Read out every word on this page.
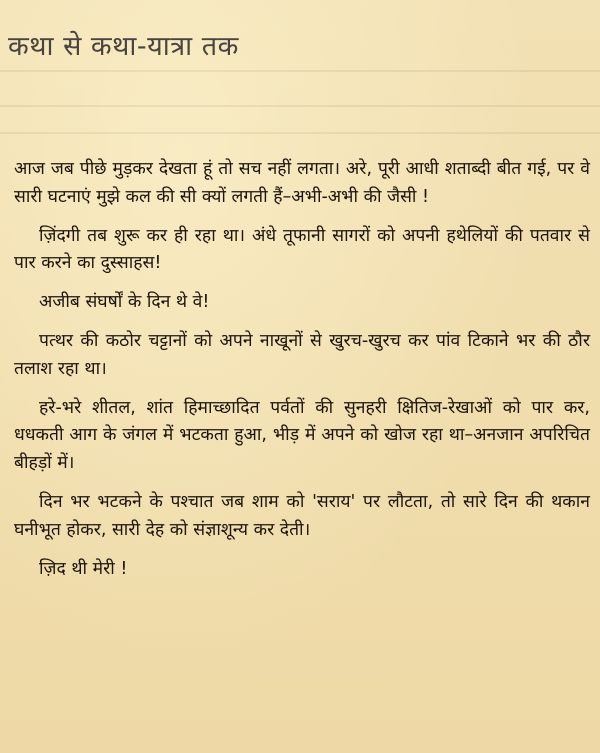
कथा से कथा-यात्रा तक

आज जब पीछे मुड़कर देखता हूं तो सच नहीं लगता। अरे, पूरी आधी शताब्दी बीत गई, पर वे सारी घटनाएं मुझे कल की सी क्यों लगती हैं–अभी-अभी की जैसी !

ज़िंदगी तब शुरू कर ही रहा था। अंधे तूफानी सागरों को अपनी हथेलियों की पतवार से पार करने का दुस्साहस!

अजीब संघर्षों के दिन थे वे!

पत्थर की कठोर चट्टानों को अपने नाखूनों से खुरच-खुरच कर पांव टिकाने भर की ठौर तलाश रहा था।

हरे-भरे शीतल, शांत हिमाच्छादित पर्वतों की सुनहरी क्षितिज-रेखाओं को पार कर, धधकती आग के जंगल में भटकता हुआ, भीड़ में अपने को खोज रहा था–अनजान अपरिचित बीहड़ों में।

दिन भर भटकने के पश्चात जब शाम को 'सराय' पर लौटता, तो सारे दिन की थकान घनीभूत होकर, सारी देह को संज्ञाशून्य कर देती।

ज़िद थी मेरी !
